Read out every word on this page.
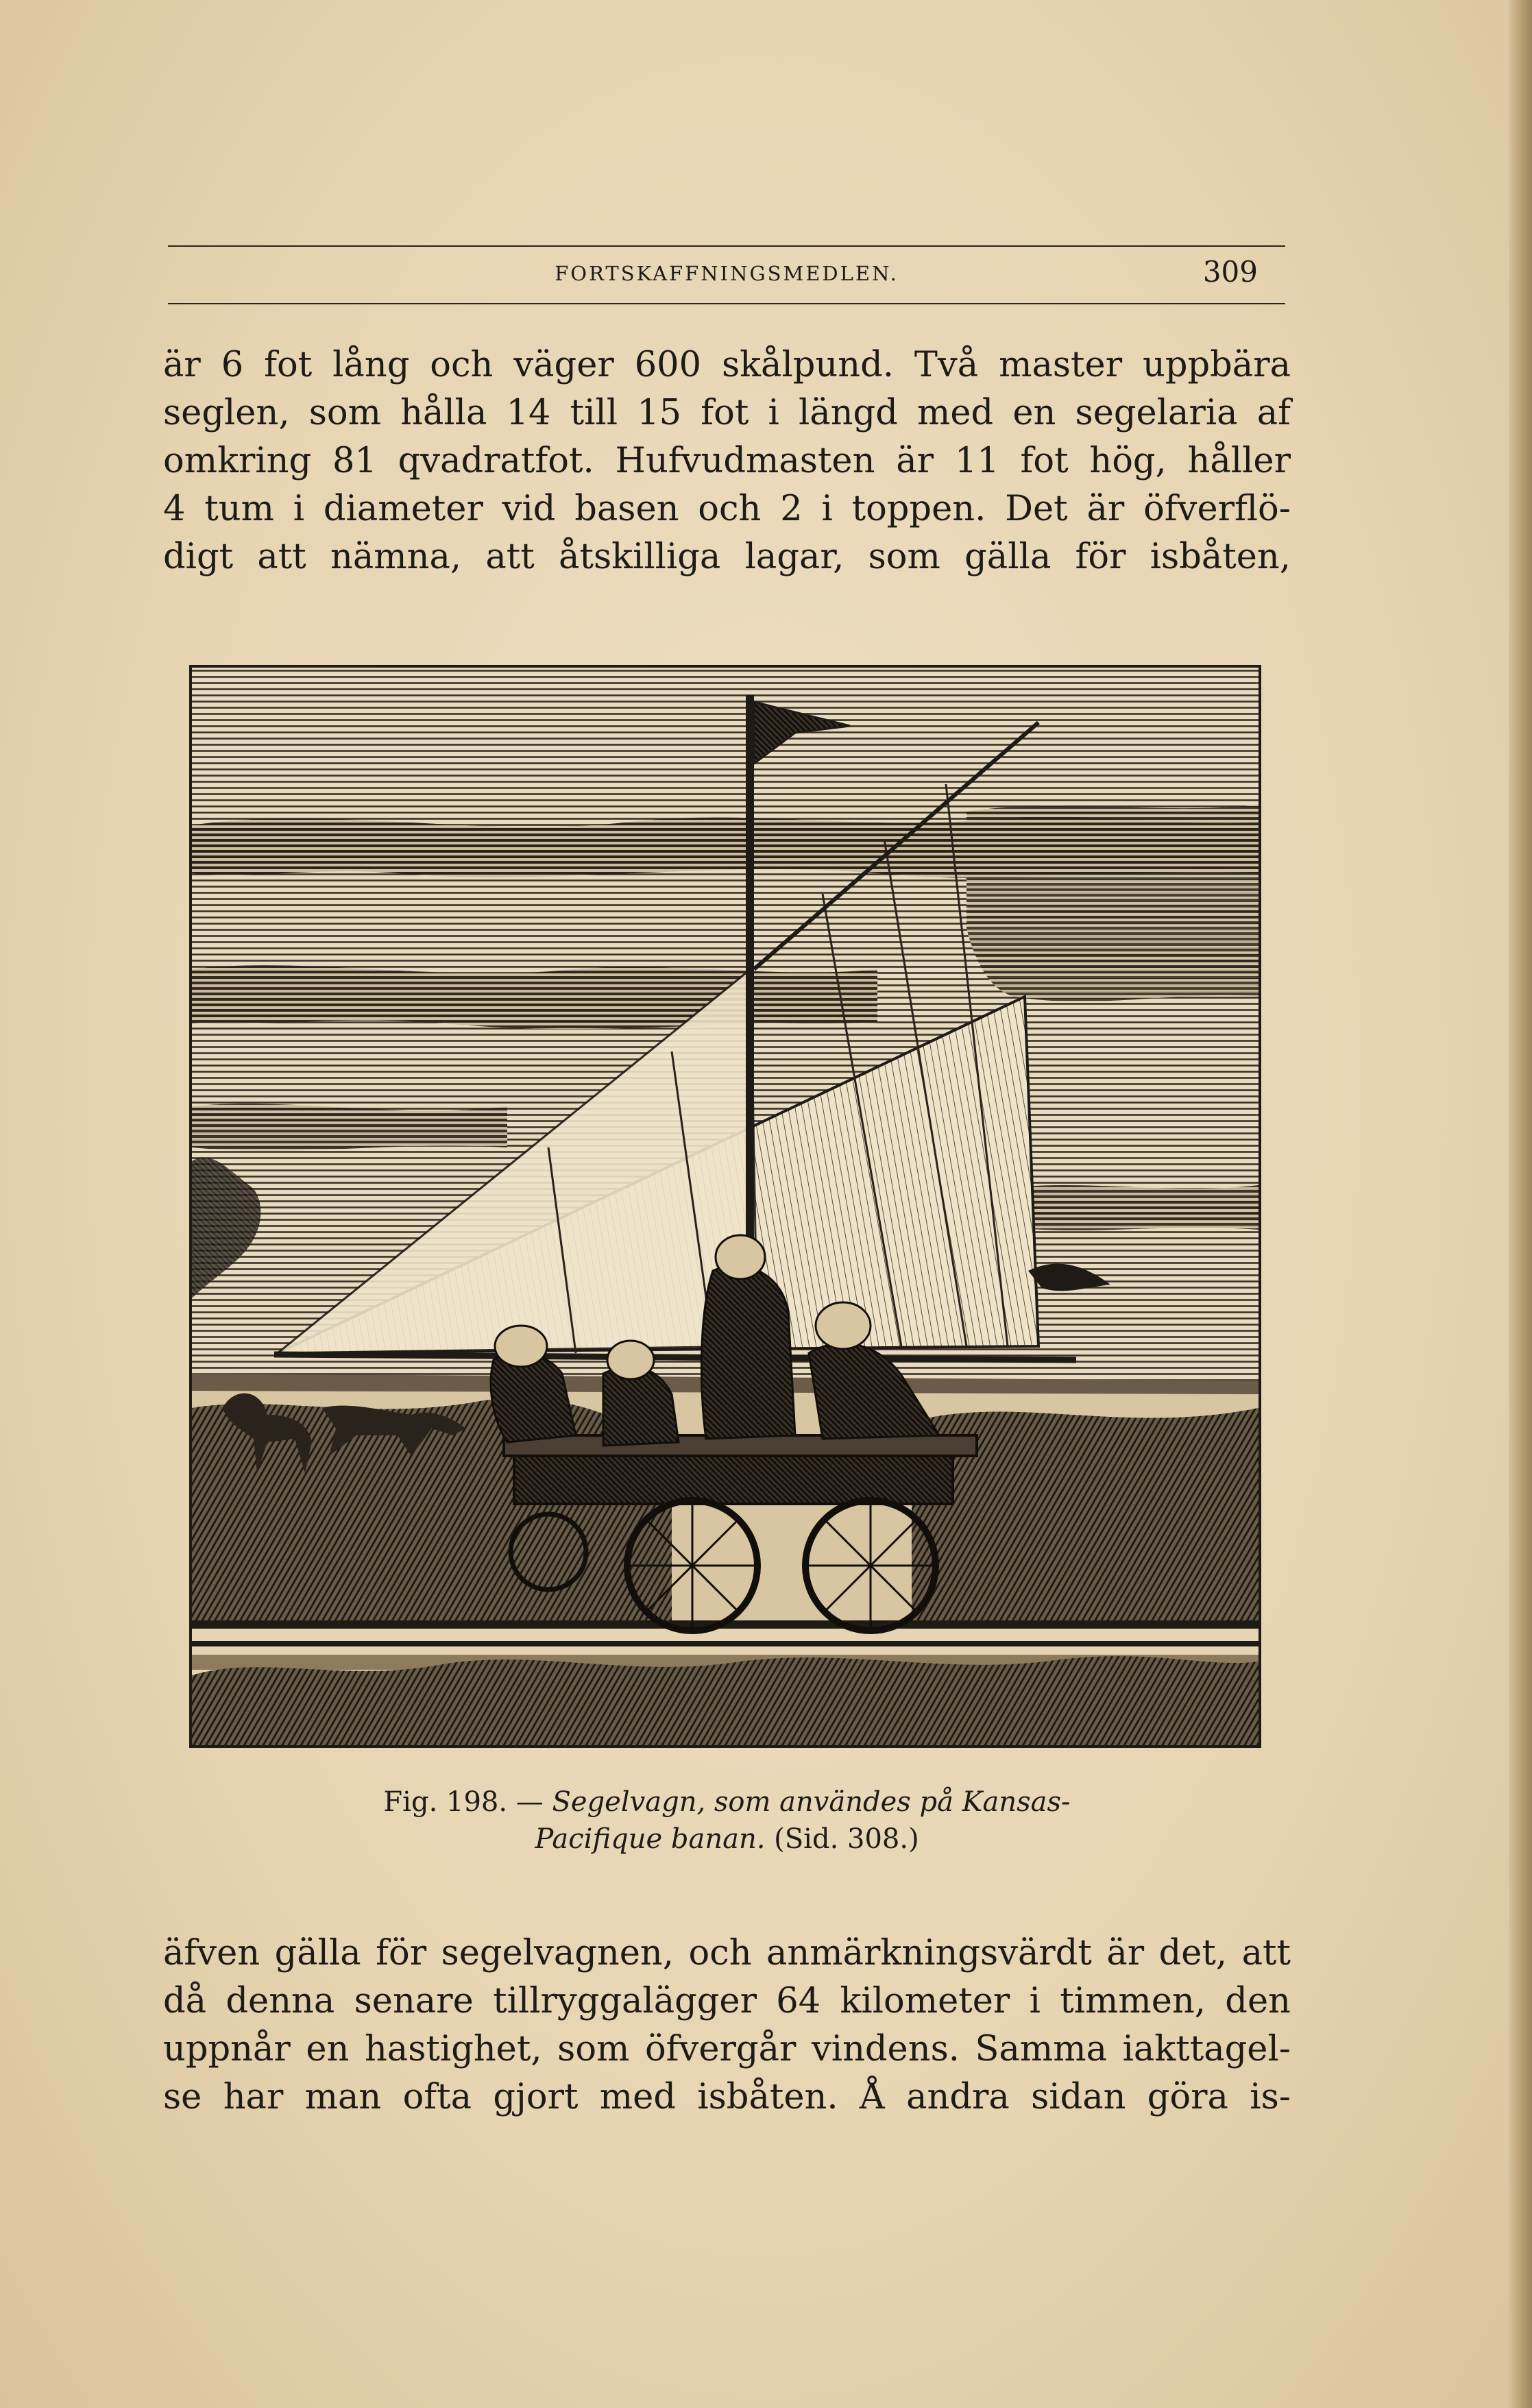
FORTSKAFFNINGSMEDLEN.	309
är 6 fot lång och väger 600 skålpund. Två master uppbära
seglen, som hålla 14 till 15 fot i längd med en segelaria af
omkring 81 qvadratfot. Hufvudmasten är 11 fot hög, håller
4 tum i diameter vid basen och 2 i toppen. Det är öfverflö-
digt att nämna, att åtskilliga lagar, som gälla för isbåten,
Fig. 198. — Segelvagn, som användes på Kansas-
Pacifique banan. (Sid. 308.)
äfven gälla för segelvagnen, och anmärkningsvärdt är det, att
då denna senare tillryggalägger 64 kilometer i timmen, den
uppnår en hastighet, som öfvergår vindens. Samma iakttagel-
se har man ofta gjort med isbåten. Å andra sidan göra is-
